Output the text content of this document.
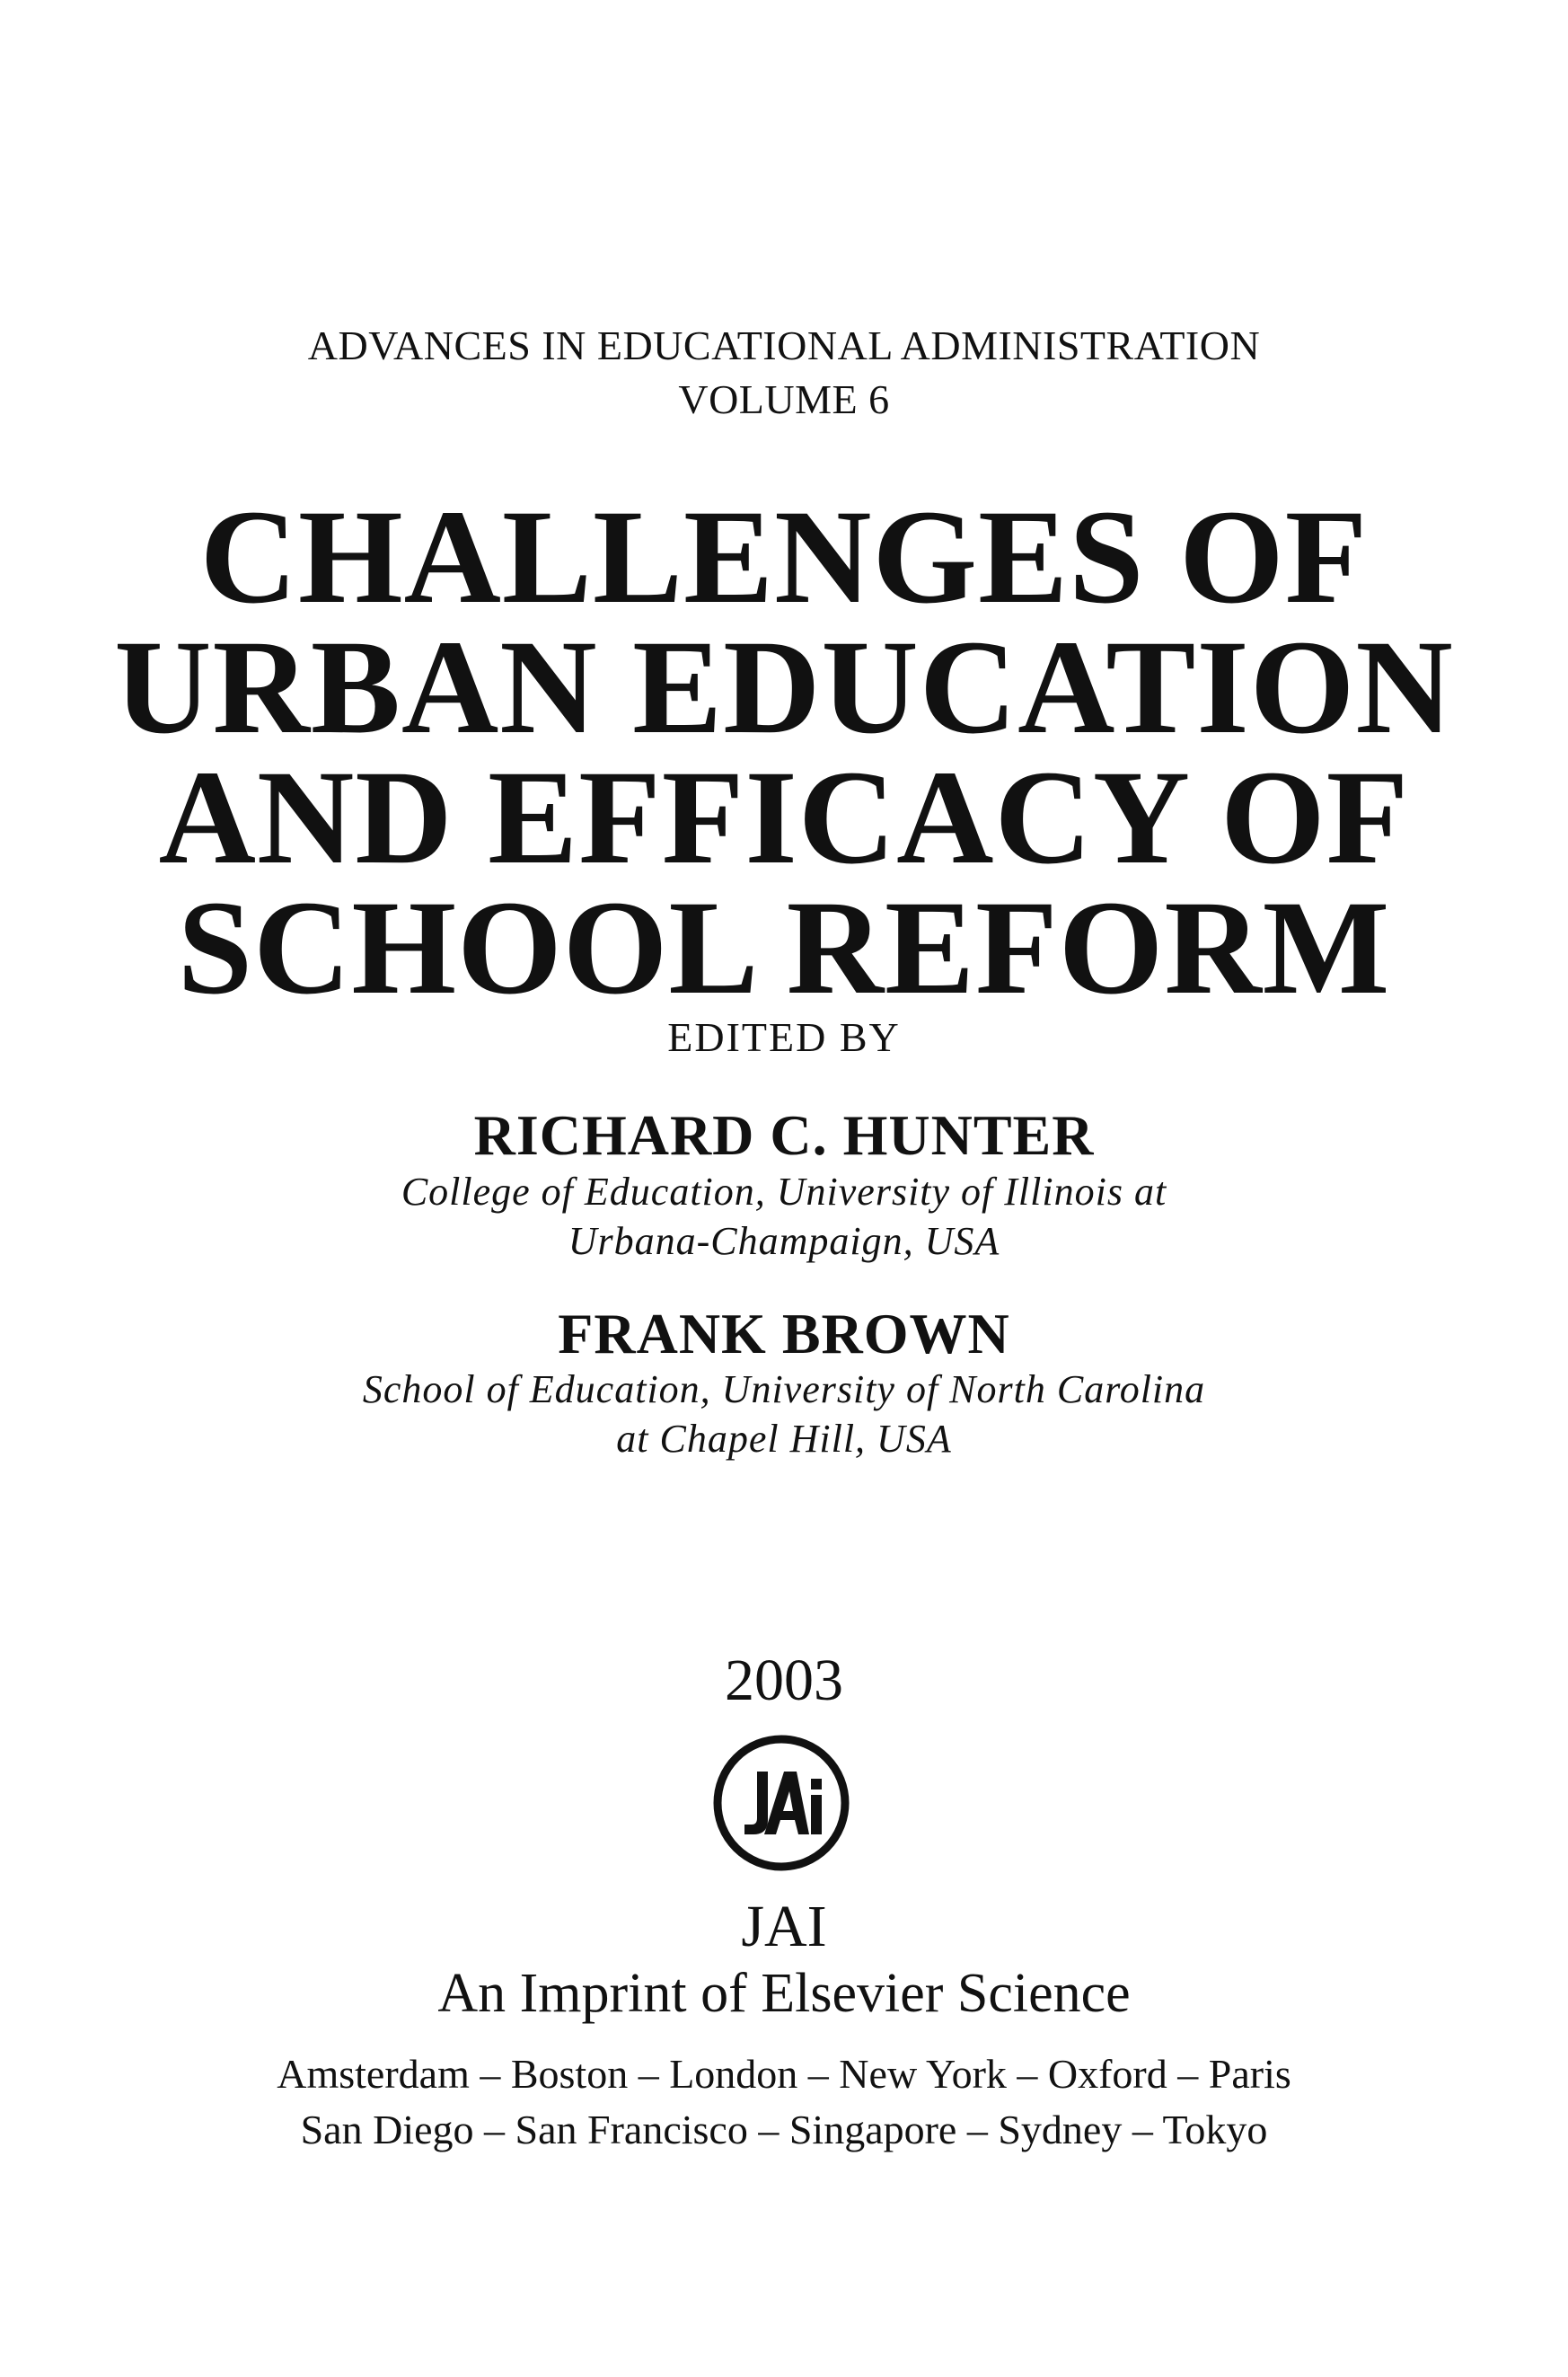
ADVANCES IN EDUCATIONAL ADMINISTRATION
VOLUME 6
CHALLENGES OF
URBAN EDUCATION
AND EFFICACY OF
SCHOOL REFORM
EDITED BY
RICHARD C. HUNTER
College of Education, University of Illinois at
Urbana-Champaign, USA
FRANK BROWN
School of Education, University of North Carolina
at Chapel Hill, USA
2003
JAI
An Imprint of Elsevier Science
Amsterdam – Boston – London – New York – Oxford – Paris
San Diego – San Francisco – Singapore – Sydney – Tokyo
